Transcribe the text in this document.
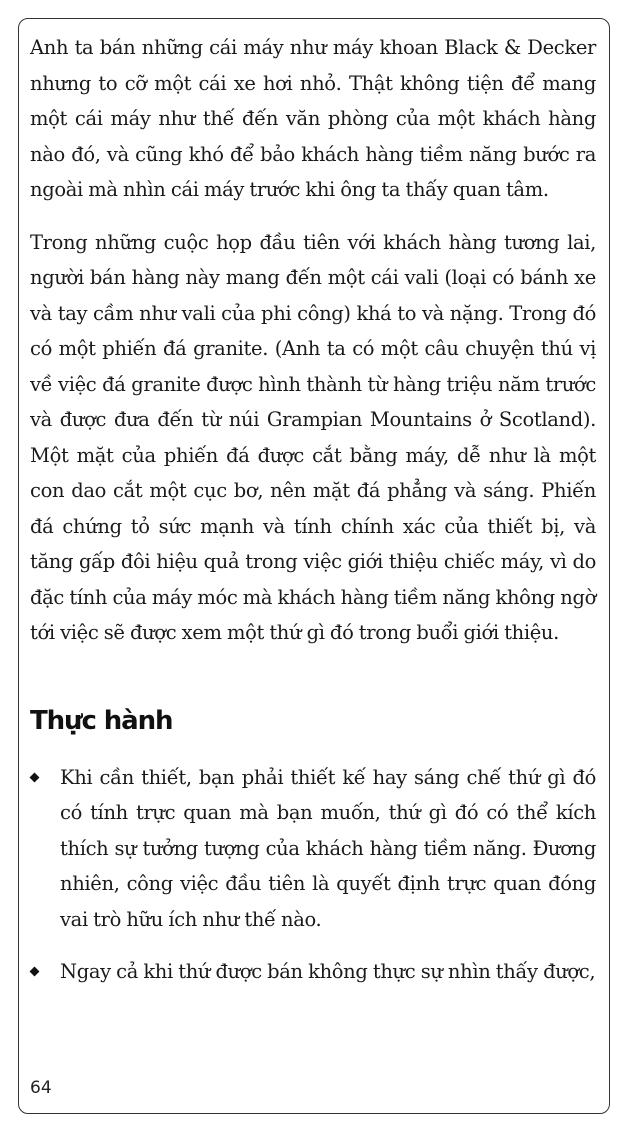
Anh ta bán những cái máy như máy khoan Black & Decker nhưng to cỡ một cái xe hơi nhỏ. Thật không tiện để mang một cái máy như thế đến văn phòng của một khách hàng nào đó, và cũng khó để bảo khách hàng tiềm năng bước ra ngoài mà nhìn cái máy trước khi ông ta thấy quan tâm.

Trong những cuộc họp đầu tiên với khách hàng tương lai, người bán hàng này mang đến một cái vali (loại có bánh xe và tay cầm như vali của phi công) khá to và nặng. Trong đó có một phiến đá granite. (Anh ta có một câu chuyện thú vị về việc đá granite được hình thành từ hàng triệu năm trước và được đưa đến từ núi Grampian Mountains ở Scotland). Một mặt của phiến đá được cắt bằng máy, dễ như là một con dao cắt một cục bơ, nên mặt đá phẳng và sáng. Phiến đá chứng tỏ sức mạnh và tính chính xác của thiết bị, và tăng gấp đôi hiệu quả trong việc giới thiệu chiếc máy, vì do đặc tính của máy móc mà khách hàng tiềm năng không ngờ tới việc sẽ được xem một thứ gì đó trong buổi giới thiệu.

Thực hành
Khi cần thiết, bạn phải thiết kế hay sáng chế thứ gì đó có tính trực quan mà bạn muốn, thứ gì đó có thể kích thích sự tưởng tượng của khách hàng tiềm năng. Đương nhiên, công việc đầu tiên là quyết định trực quan đóng vai trò hữu ích như thế nào.
Ngay cả khi thứ được bán không thực sự nhìn thấy được,
64
